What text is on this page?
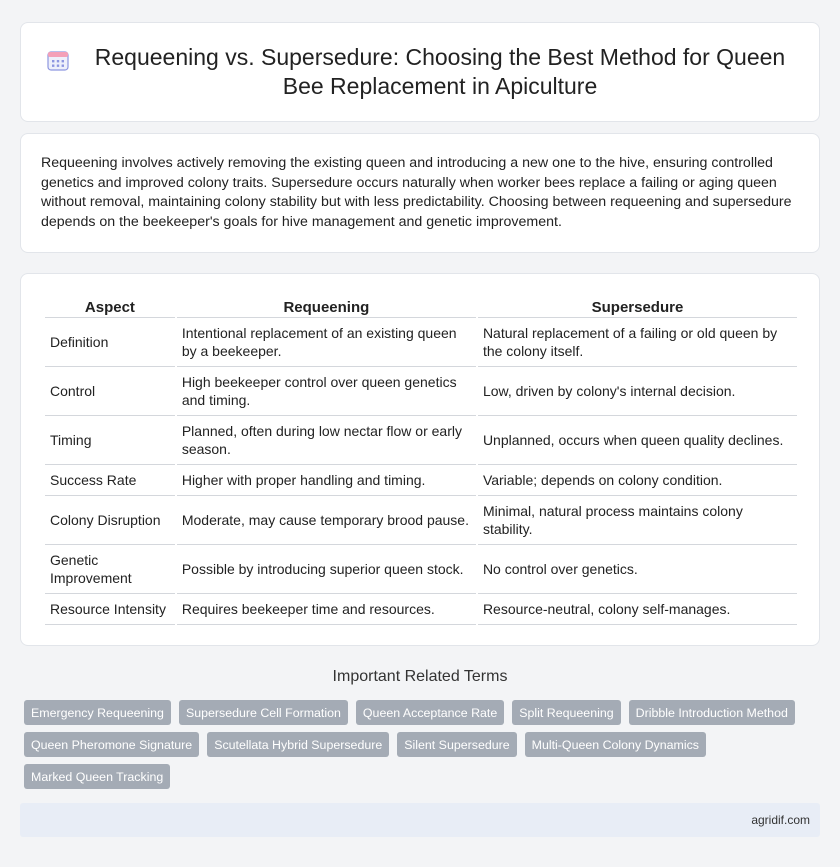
Requeening vs. Supersedure: Choosing the Best Method for Queen Bee Replacement in Apiculture

Requeening involves actively removing the existing queen and introducing a new one to the hive, ensuring controlled genetics and improved colony traits. Supersedure occurs naturally when worker bees replace a failing or aging queen without removal, maintaining colony stability but with less predictability. Choosing between requeening and supersedure depends on the beekeeper's goals for hive management and genetic improvement.

Aspect	Requeening	Supersedure
Definition	Intentional replacement of an existing queen by a beekeeper.	Natural replacement of a failing or old queen by the colony itself.
Control	High beekeeper control over queen genetics and timing.	Low, driven by colony's internal decision.
Timing	Planned, often during low nectar flow or early season.	Unplanned, occurs when queen quality declines.
Success Rate	Higher with proper handling and timing.	Variable; depends on colony condition.
Colony Disruption	Moderate, may cause temporary brood pause.	Minimal, natural process maintains colony stability.
Genetic Improvement	Possible by introducing superior queen stock.	No control over genetics.
Resource Intensity	Requires beekeeper time and resources.	Resource-neutral, colony self-manages.
Important Related Terms
Emergency Requeening	Supersedure Cell Formation	Queen Acceptance Rate	Split Requeening	Dribble Introduction Method
Queen Pheromone Signature	Scutellata Hybrid Supersedure	Silent Supersedure	Multi-Queen Colony Dynamics
Marked Queen Tracking
agridif.com
